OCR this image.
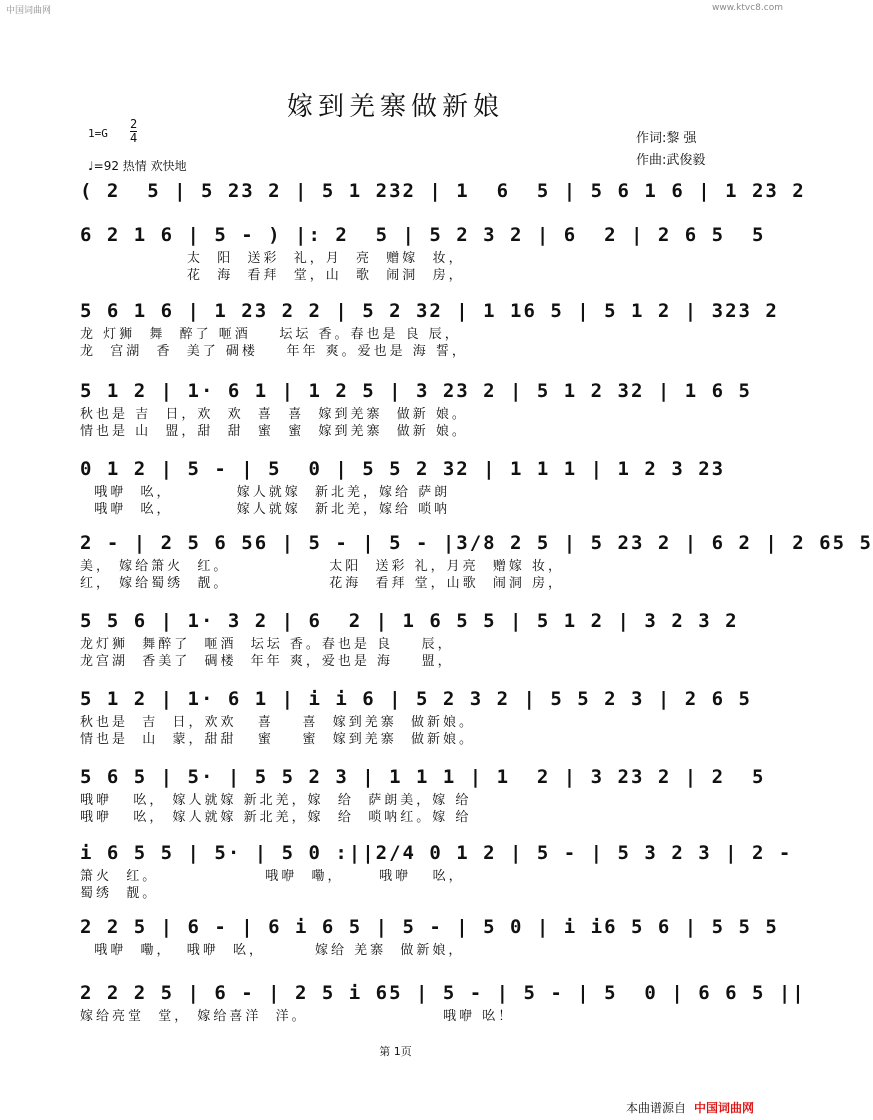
中国词曲网	www.ktvc8.com
嫁到羌寨做新娘
1=G
2
4
♩=92 热情 欢快地
作词:黎 强
作曲:武俊毅
( 2  5 | 5 23 2 | 5 1 232 | 1  6  5 | 5 6 1 6 | 1 23 2
6 2 1 6 | 5 - ) |: 2  5 | 5 2 3 2 | 6  2 | 2 6 5  5
太  阳  送彩  礼，月  亮  赠嫁  妆，
花  海  看拜  堂，山  歌  闹洞  房，
5 6 1 6 | 1 23 2 2 | 5 2 32 | 1 16 5 | 5 1 2 | 323 2
龙 灯狮  舞  醉了 咂酒    坛坛 香。春也是 良 辰，
龙  宫湖  香  美了 碉楼    年年 爽。爱也是 海 誓，
5 1 2 | 1· 6 1 | 1 2 5 | 3 23 2 | 5 1 2 32 | 1 6 5
秋也是 吉  日，欢  欢  喜  喜  嫁到羌寨  做新 娘。
情也是 山  盟，甜  甜  蜜  蜜  嫁到羌寨  做新 娘。
0 1 2 | 5 - | 5  0 | 5 5 2 32 | 1 1 1 | 1 2 3 23
哦咿  吆，         嫁人就嫁  新北羌，嫁给 萨朗
哦咿  吆，         嫁人就嫁  新北羌，嫁给 唢呐
2 - | 2 5 6 56 | 5 - | 5 - |3/8 2 5 | 5 23 2 | 6 2 | 2 65 5
美， 嫁给箫火  红。              太阳  送彩 礼，月亮  赠嫁 妆，
红， 嫁给蜀绣  靓。              花海  看拜 堂，山歌  闹洞 房，
5 5 6 | 1· 3 2 | 6  2 | 1 6 5 5 | 5 1 2 | 3 2 3 2
龙灯狮  舞醉了  咂酒  坛坛 香。春也是 良    辰，
龙宫湖  香美了  碉楼  年年 爽，爱也是 海    盟，
5 1 2 | 1· 6 1 | i i 6 | 5 2 3 2 | 5 5 2 3 | 2 6 5
秋也是  吉  日，欢欢   喜    喜  嫁到羌寨  做新娘。
情也是  山  蒙，甜甜   蜜    蜜  嫁到羌寨  做新娘。
5 6 5 | 5· | 5 5 2 3 | 1 1 1 | 1  2 | 3 23 2 | 2  5
哦咿   吆， 嫁人就嫁 新北羌，嫁  给  萨朗美，嫁 给
哦咿   吆， 嫁人就嫁 新北羌，嫁  给  唢呐红。嫁 给
i 6 5 5 | 5· | 5 0 :||2/4 0 1 2 | 5 - | 5 3 2 3 | 2 -
箫火  红。               哦咿  嘞，     哦咿   吆，
蜀绣  靓。
2 2 5 | 6 - | 6 i 6 5 | 5 - | 5 0 | i i6 5 6 | 5 5 5
哦咿  嘞，  哦咿  吆，       嫁给 羌寨  做新娘，
2 2 2 5 | 6 - | 2 5 i 65 | 5 - | 5 - | 5  0 | 6 6 5 ||
嫁给亮堂  堂， 嫁给喜洋  洋。                   哦咿 吆！
第 1页
本曲谱源自 中国词曲网
